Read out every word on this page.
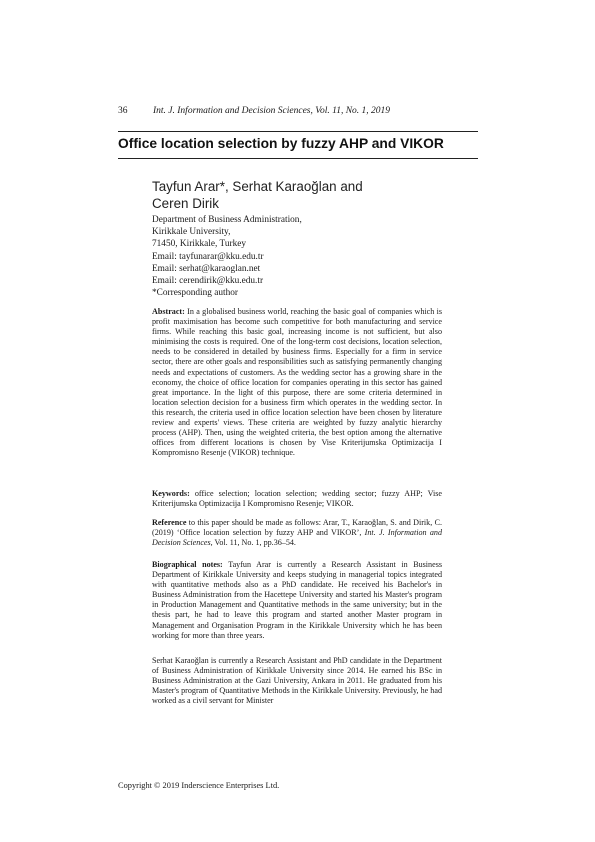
36	Int. J. Information and Decision Sciences, Vol. 11, No. 1, 2019
Office location selection by fuzzy AHP and VIKOR
Tayfun Arar*, Serhat Karaoğlan and
Ceren Dirik
Department of Business Administration,
Kirikkale University,
71450, Kirikkale, Turkey
Email: tayfunarar@kku.edu.tr
Email: serhat@karaoglan.net
Email: cerendirik@kku.edu.tr
*Corresponding author

Abstract: In a globalised business world, reaching the basic goal of companies which is profit maximisation has become such competitive for both manufacturing and service firms. While reaching this basic goal, increasing income is not sufficient, but also minimising the costs is required. One of the long-term cost decisions, location selection, needs to be considered in detailed by business firms. Especially for a firm in service sector, there are other goals and responsibilities such as satisfying permanently changing needs and expectations of customers. As the wedding sector has a growing share in the economy, the choice of office location for companies operating in this sector has gained great importance. In the light of this purpose, there are some criteria determined in location selection decision for a business firm which operates in the wedding sector. In this research, the criteria used in office location selection have been chosen by literature review and experts' views. These criteria are weighted by fuzzy analytic hierarchy process (AHP). Then, using the weighted criteria, the best option among the alternative offices from different locations is chosen by Vise Kriterijumska Optimizacija I Kompromisno Resenje (VIKOR) technique.

Keywords: office selection; location selection; wedding sector; fuzzy AHP; Vise Kriterijumska Optimizacija I Kompromisno Resenje; VIKOR.

Reference to this paper should be made as follows: Arar, T., Karaoğlan, S. and Dirik, C. (2019) ‘Office location selection by fuzzy AHP and VIKOR’, Int. J. Information and Decision Sciences, Vol. 11, No. 1, pp.36–54.

Biographical notes: Tayfun Arar is currently a Research Assistant in Business Department of Kirikkale University and keeps studying in managerial topics integrated with quantitative methods also as a PhD candidate. He received his Bachelor's in Business Administration from the Hacettepe University and started his Master's program in Production Management and Quantitative methods in the same university; but in the thesis part, he had to leave this program and started another Master program in Management and Organisation Program in the Kirikkale University which he has been working for more than three years.

Serhat Karaoğlan is currently a Research Assistant and PhD candidate in the Department of Business Administration of Kirikkale University since 2014. He earned his BSc in Business Administration at the Gazi University, Ankara in 2011. He graduated from his Master's program of Quantitative Methods in the Kirikkale University. Previously, he had worked as a civil servant for Minister

Copyright © 2019 Inderscience Enterprises Ltd.
